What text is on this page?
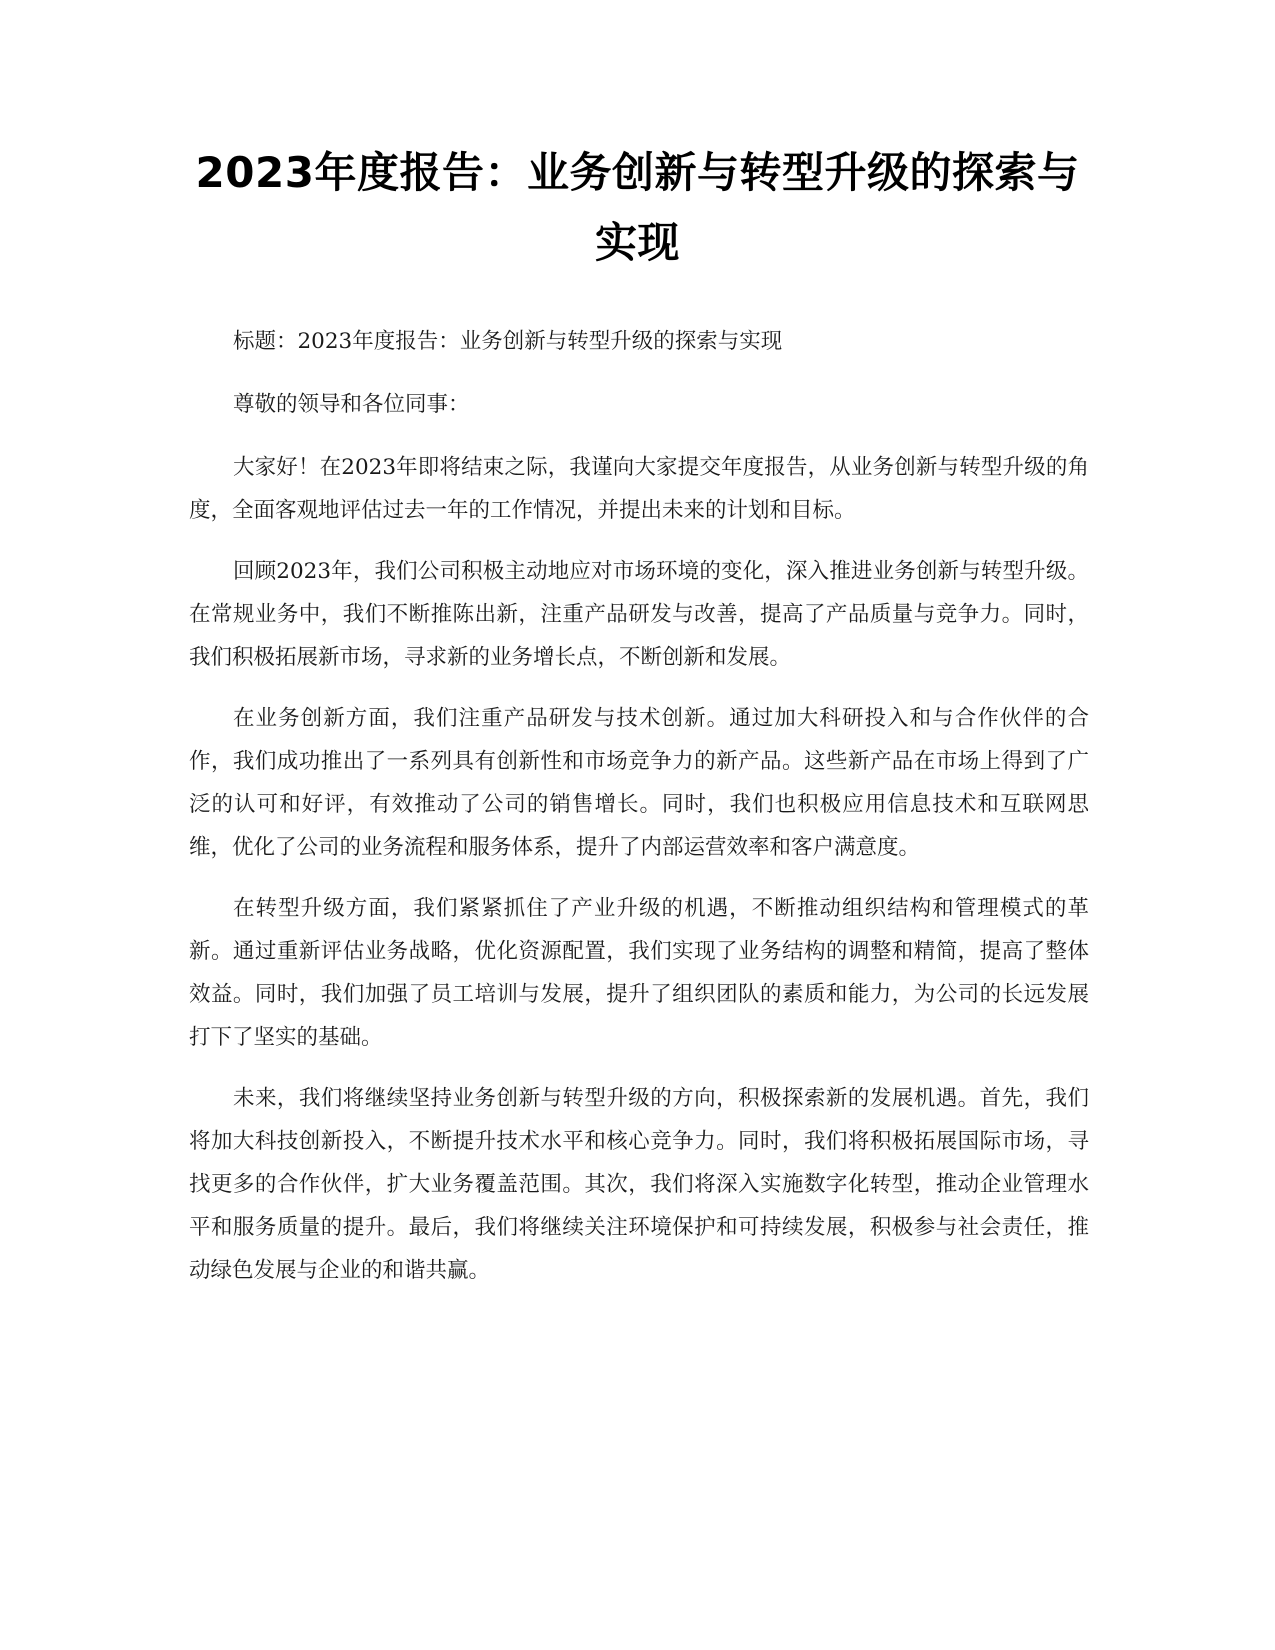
2023年度报告：业务创新与转型升级的探索与实现

标题：2023年度报告：业务创新与转型升级的探索与实现

尊敬的领导和各位同事：

大家好！在2023年即将结束之际，我谨向大家提交年度报告，从业务创新与转型升级的角度，全面客观地评估过去一年的工作情况，并提出未来的计划和目标。

回顾2023年，我们公司积极主动地应对市场环境的变化，深入推进业务创新与转型升级。在常规业务中，我们不断推陈出新，注重产品研发与改善，提高了产品质量与竞争力。同时，我们积极拓展新市场，寻求新的业务增长点，不断创新和发展。

在业务创新方面，我们注重产品研发与技术创新。通过加大科研投入和与合作伙伴的合作，我们成功推出了一系列具有创新性和市场竞争力的新产品。这些新产品在市场上得到了广泛的认可和好评，有效推动了公司的销售增长。同时，我们也积极应用信息技术和互联网思维，优化了公司的业务流程和服务体系，提升了内部运营效率和客户满意度。

在转型升级方面，我们紧紧抓住了产业升级的机遇，不断推动组织结构和管理模式的革新。通过重新评估业务战略，优化资源配置，我们实现了业务结构的调整和精简，提高了整体效益。同时，我们加强了员工培训与发展，提升了组织团队的素质和能力，为公司的长远发展打下了坚实的基础。

未来，我们将继续坚持业务创新与转型升级的方向，积极探索新的发展机遇。首先，我们将加大科技创新投入，不断提升技术水平和核心竞争力。同时，我们将积极拓展国际市场，寻找更多的合作伙伴，扩大业务覆盖范围。其次，我们将深入实施数字化转型，推动企业管理水平和服务质量的提升。最后，我们将继续关注环境保护和可持续发展，积极参与社会责任，推动绿色发展与企业的和谐共赢。
